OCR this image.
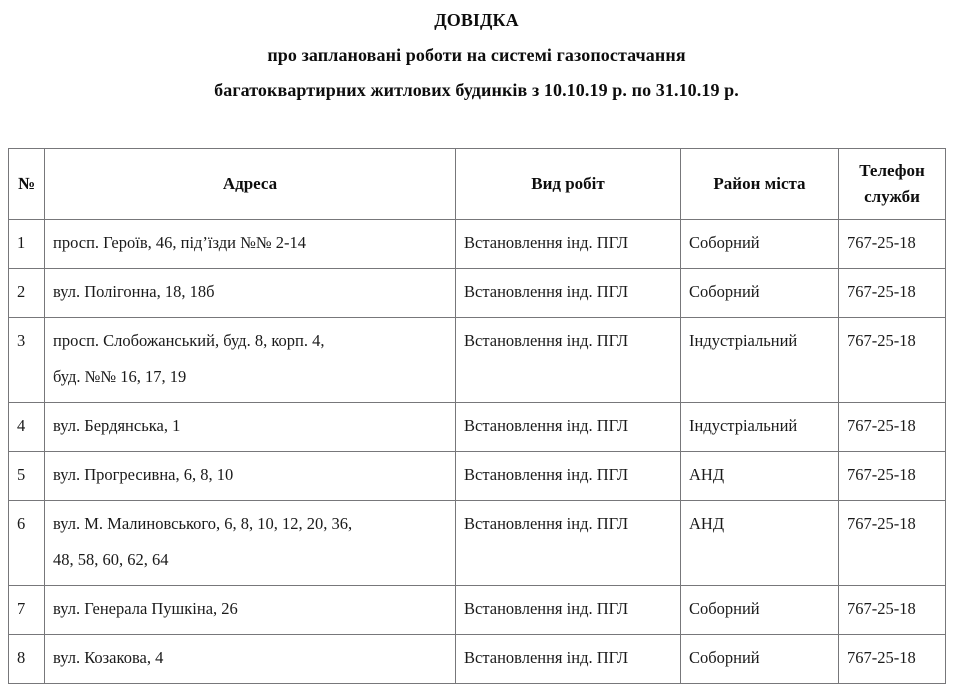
ДОВІДКА
про заплановані роботи на системі газопостачання
багатоквартирних житлових будинків з 10.10.19 р. по 31.10.19 р.
№	Адреса	Вид робіт	Район міста	Телефон
служби
1	просп. Героїв, 46, під’їзди №№ 2-14	Встановлення інд. ПГЛ	Соборний	767-25-18
2	вул. Полігонна, 18, 18б	Встановлення інд. ПГЛ	Соборний	767-25-18
3	просп. Слобожанський, буд. 8, корп. 4,
буд. №№ 16, 17, 19	Встановлення інд. ПГЛ	Індустріальний	767-25-18
4	вул. Бердянська, 1	Встановлення інд. ПГЛ	Індустріальний	767-25-18
5	вул. Прогресивна, 6, 8, 10	Встановлення інд. ПГЛ	АНД	767-25-18
6	вул. М. Малиновського, 6, 8, 10, 12, 20, 36,
48, 58, 60, 62, 64	Встановлення інд. ПГЛ	АНД	767-25-18
7	вул. Генерала Пушкіна, 26	Встановлення інд. ПГЛ	Соборний	767-25-18
8	вул. Козакова, 4	Встановлення інд. ПГЛ	Соборний	767-25-18
